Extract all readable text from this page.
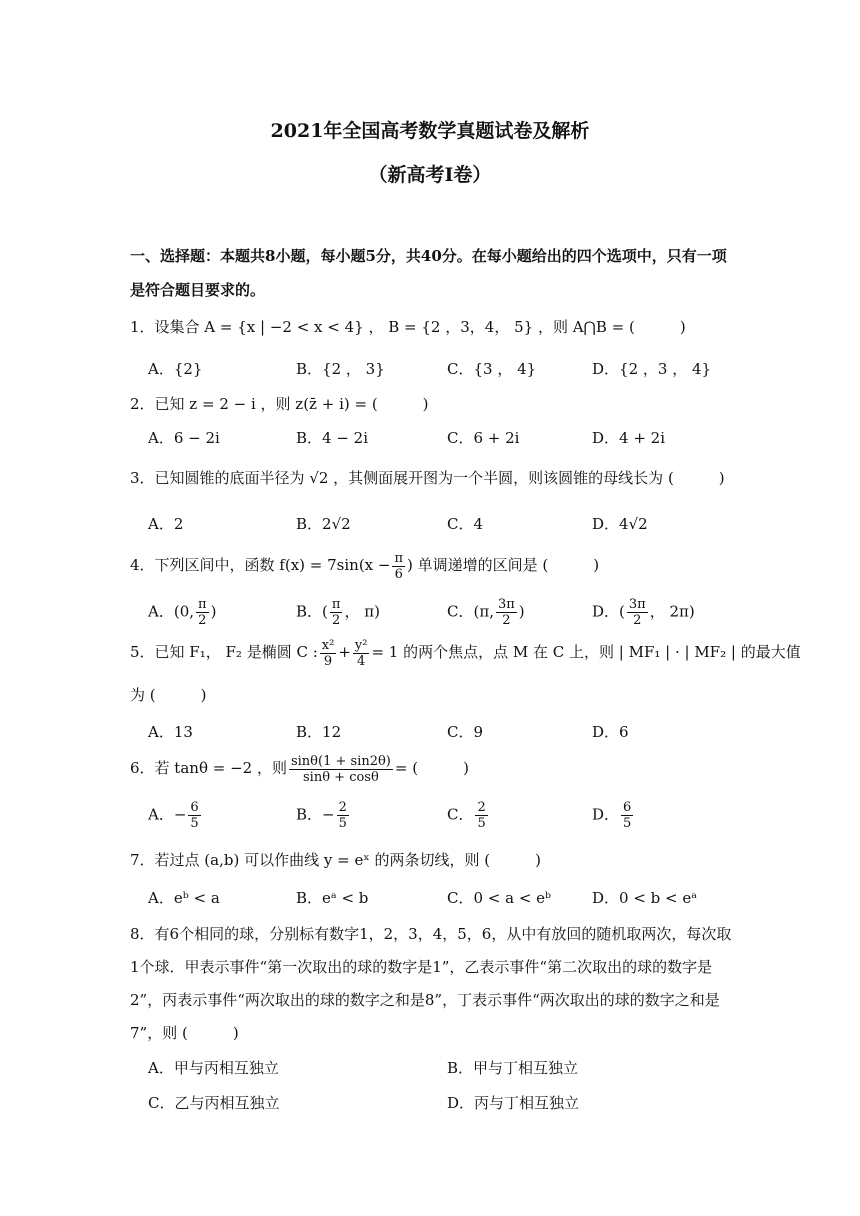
2021年全国高考数学真题试卷及解析
（新高考Ⅰ卷）
一、选择题：本题共8小题，每小题5分，共40分。在每小题给出的四个选项中，只有一项是符合题目要求的。
1．设集合 A = {x | −2 < x < 4} ， B = {2 ，3，4， 5} ，则 A⋂B = (　　　)
A．{2}	B．{2 ， 3}	C．{3 ， 4}	D．{2 ，3 ， 4}
2．已知 z = 2 − i ，则 z(z̄ + i) = (　　　)
A．6 − 2i	B．4 − 2i	C．6 + 2i	D．4 + 2i
3．已知圆锥的底面半径为 √2 ，其侧面展开图为一个半圆，则该圆锥的母线长为 (　　　)
A．2	B．2√2	C．4	D．4√2
4．下列区间中，函数 $f(x) = 7\sin(x - \frac{\pi}{6}$ ) 单调递增的区间是 (　　　)
A．(0, $\frac{\pi}{2}$ )	B．( $\frac{\pi}{2}$ ， π)	C．(π, $\frac{3\pi}{2}$ )	D．( $\frac{3\pi}{2}$ ， 2π)
5．已知 F₁， F₂ 是椭圆 C : $\frac{\text{x²}}{9} + \frac{\text{y²}}{4} = 1$ 的两个焦点，点 M 在 C 上，则 | MF₁ | · | MF₂ | 的最大值
为 (　　　)
A．13	B．12	C．9	D．6
6．若 tanθ = −2 ，则 $\frac{\sin\theta(1 + \sin 2\theta)}{\sin\theta + \cos\theta}$ = (　　　)
A．− $\frac{6}{5}$	B．− $\frac{2}{5}$	C． $\frac{2}{5}$	D． $\frac{6}{5}$
7．若过点 (a,b) 可以作曲线 y = eˣ 的两条切线，则 (　　　)
A．eᵇ < a	B．eᵃ < b	C．0 < a < eᵇ	D．0 < b < eᵃ
8．有6个相同的球，分别标有数字1，2，3，4，5，6，从中有放回的随机取两次，每次取1个球．甲表示事件“第一次取出的球的数字是1”，乙表示事件“第二次取出的球的数字是2”，丙表示事件“两次取出的球的数字之和是8”，丁表示事件“两次取出的球的数字之和是7”，则 (　　　)
A．甲与丙相互独立	B．甲与丁相互独立
C．乙与丙相互独立	D．丙与丁相互独立
